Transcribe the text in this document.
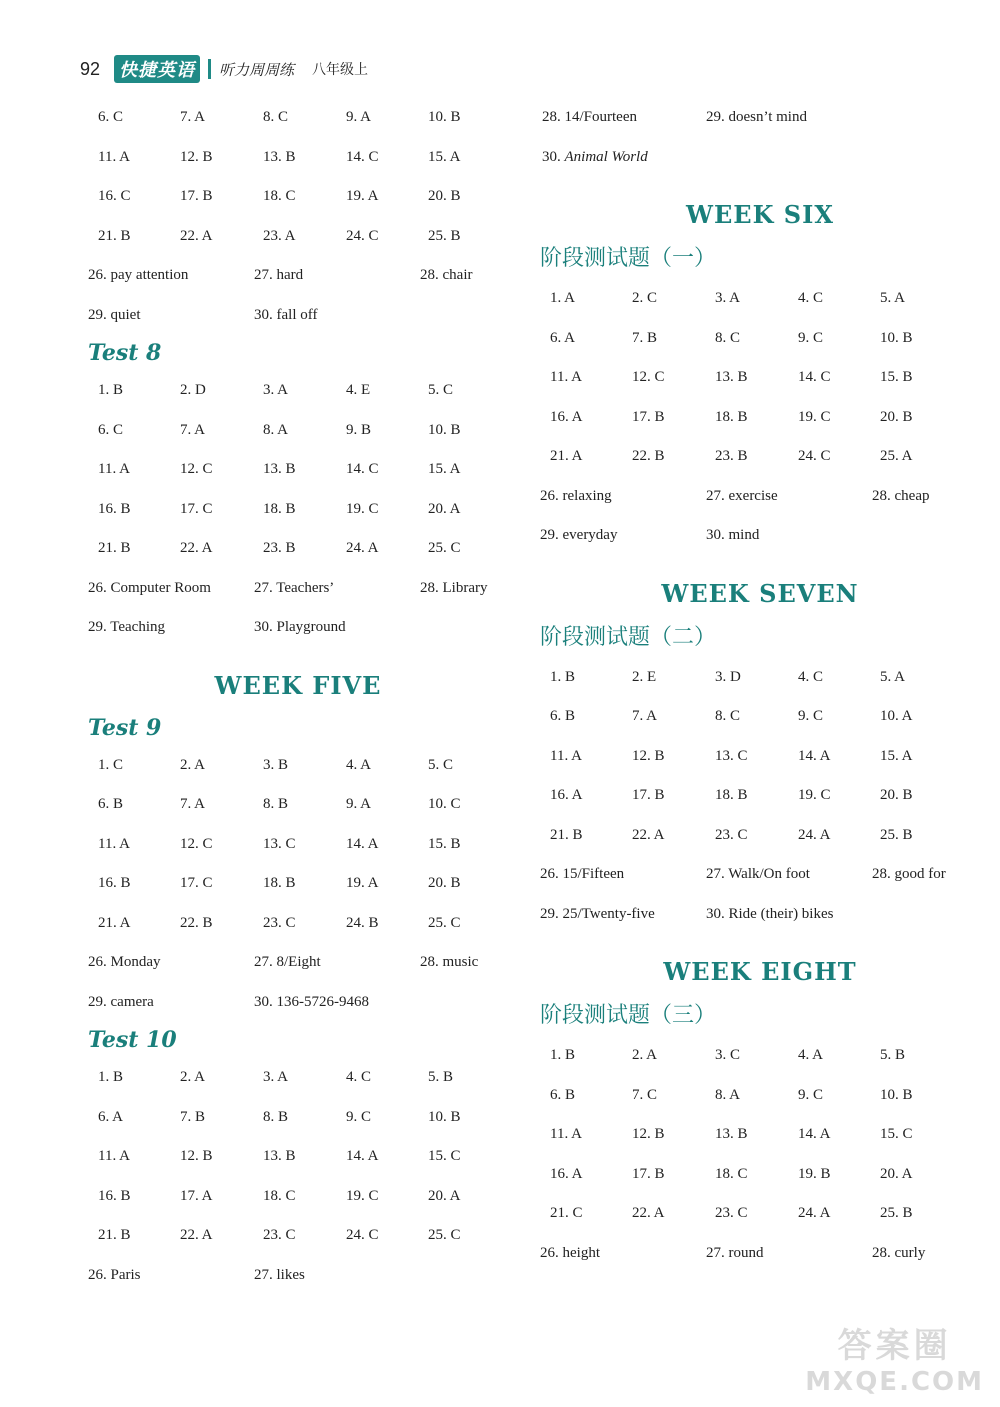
92 快捷英语	听力周周练 八年级上
6. C	7. A	8. C	9. A	10. B
11. A	12. B	13. B	14. C	15. A
16. C	17. B	18. C	19. A	20. B
21. B	22. A	23. A	24. C	25. B
26. pay attention	27. hard	28. chair
29. quiet	30. fall off
Test 8
1. B	2. D	3. A	4. E	5. C
6. C	7. A	8. A	9. B	10. B
11. A	12. C	13. B	14. C	15. A
16. B	17. C	18. B	19. C	20. A
21. B	22. A	23. B	24. A	25. C
26. Computer Room	27. Teachers’	28. Library
29. Teaching	30. Playground
WEEK FIVE
Test 9
1. C	2. A	3. B	4. A	5. C
6. B	7. A	8. B	9. A	10. C
11. A	12. C	13. C	14. A	15. B
16. B	17. C	18. B	19. A	20. B
21. A	22. B	23. C	24. B	25. C
26. Monday	27. 8/Eight	28. music
29. camera	30. 136-5726-9468
Test 10
1. B	2. A	3. A	4. C	5. B
6. A	7. B	8. B	9. C	10. B
11. A	12. B	13. B	14. A	15. C
16. B	17. A	18. C	19. C	20. A
21. B	22. A	23. C	24. C	25. C
26. Paris	27. likes
28. 14/Fourteen	29. doesn’t mind
30. Animal World
WEEK SIX
阶段测试题（一）
1. A	2. C	3. A	4. C	5. A
6. A	7. B	8. C	9. C	10. B
11. A	12. C	13. B	14. C	15. B
16. A	17. B	18. B	19. C	20. B
21. A	22. B	23. B	24. C	25. A
26. relaxing	27. exercise	28. cheap
29. everyday	30. mind
WEEK SEVEN
阶段测试题（二）
1. B	2. E	3. D	4. C	5. A
6. B	7. A	8. C	9. C	10. A
11. A	12. B	13. C	14. A	15. A
16. A	17. B	18. B	19. C	20. B
21. B	22. A	23. C	24. A	25. B
26. 15/Fifteen	27. Walk/On foot	28. good for
29. 25/Twenty-five	30. Ride (their) bikes
WEEK EIGHT
阶段测试题（三）
1. B	2. A	3. C	4. A	5. B
6. B	7. C	8. A	9. C	10. B
11. A	12. B	13. B	14. A	15. C
16. A	17. B	18. C	19. B	20. A
21. C	22. A	23. C	24. A	25. B
26. height	27. round	28. curly
答案圈
MXQE.COM
